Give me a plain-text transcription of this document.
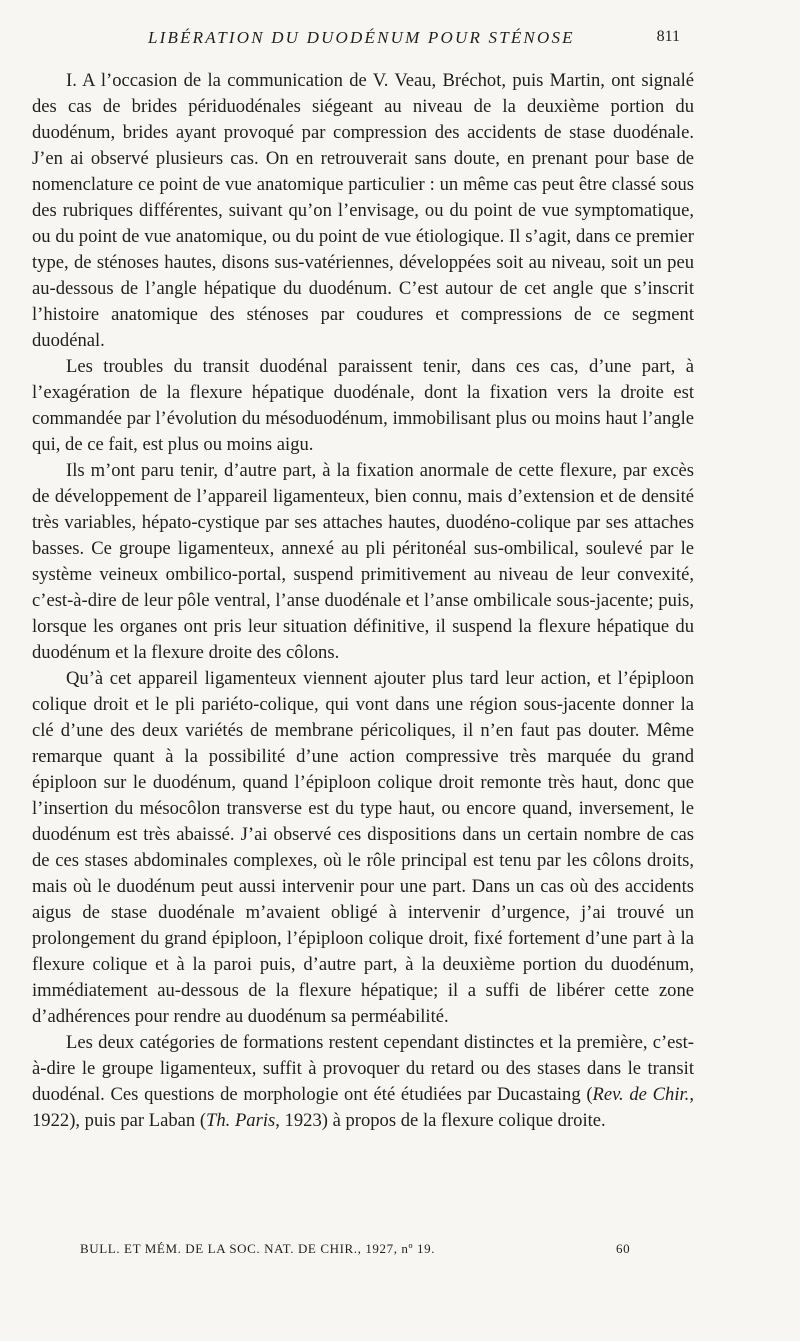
LIBÉRATION DU DUODÉNUM POUR STÉNOSE	811

I. A l’occasion de la communication de V. Veau, Bréchot, puis Martin, ont signalé des cas de brides périduodénales siégeant au niveau de la deuxième portion du duodénum, brides ayant provoqué par compression des accidents de stase duodénale. J’en ai observé plusieurs cas. On en retrouverait sans doute, en prenant pour base de nomenclature ce point de vue anatomique particulier : un même cas peut être classé sous des rubriques différentes, suivant qu’on l’envisage, ou du point de vue symptomatique, ou du point de vue anatomique, ou du point de vue étiologique. Il s’agit, dans ce premier type, de sténoses hautes, disons sus-vatériennes, développées soit au niveau, soit un peu au-dessous de l’angle hépatique du duodénum. C’est autour de cet angle que s’inscrit l’histoire anatomique des sténoses par coudures et compressions de ce segment duodénal.

Les troubles du transit duodénal paraissent tenir, dans ces cas, d’une part, à l’exagération de la flexure hépatique duodénale, dont la fixation vers la droite est commandée par l’évolution du mésoduodénum, immobilisant plus ou moins haut l’angle qui, de ce fait, est plus ou moins aigu.

Ils m’ont paru tenir, d’autre part, à la fixation anormale de cette flexure, par excès de développement de l’appareil ligamenteux, bien connu, mais d’extension et de densité très variables, hépato-cystique par ses attaches hautes, duodéno-colique par ses attaches basses. Ce groupe ligamenteux, annexé au pli péritonéal sus-ombilical, soulevé par le système veineux ombilico-portal, suspend primitivement au niveau de leur convexité, c’est-à-dire de leur pôle ventral, l’anse duodénale et l’anse ombilicale sous-jacente; puis, lorsque les organes ont pris leur situation définitive, il suspend la flexure hépatique du duodénum et la flexure droite des côlons.

Qu’à cet appareil ligamenteux viennent ajouter plus tard leur action, et l’épiploon colique droit et le pli pariéto-colique, qui vont dans une région sous-jacente donner la clé d’une des deux variétés de membrane péricoliques, il n’en faut pas douter. Même remarque quant à la possibilité d’une action compressive très marquée du grand épiploon sur le duodénum, quand l’épiploon colique droit remonte très haut, donc que l’insertion du mésocôlon transverse est du type haut, ou encore quand, inversement, le duodénum est très abaissé. J’ai observé ces dispositions dans un certain nombre de cas de ces stases abdominales complexes, où le rôle principal est tenu par les côlons droits, mais où le duodénum peut aussi intervenir pour une part. Dans un cas où des accidents aigus de stase duodénale m’avaient obligé à intervenir d’urgence, j’ai trouvé un prolongement du grand épiploon, l’épiploon colique droit, fixé fortement d’une part à la flexure colique et à la paroi puis, d’autre part, à la deuxième portion du duodénum, immédiatement au-dessous de la flexure hépatique; il a suffi de libérer cette zone d’adhérences pour rendre au duodénum sa perméabilité.

Les deux catégories de formations restent cependant distinctes et la première, c’est-à-dire le groupe ligamenteux, suffit à provoquer du retard ou des stases dans le transit duodénal. Ces questions de morphologie ont été étudiées par Ducastaing (Rev. de Chir., 1922), puis par Laban (Th. Paris, 1923) à propos de la flexure colique droite.

BULL. ET MÉM. DE LA SOC. NAT. DE CHIR., 1927, nº 19.	60
